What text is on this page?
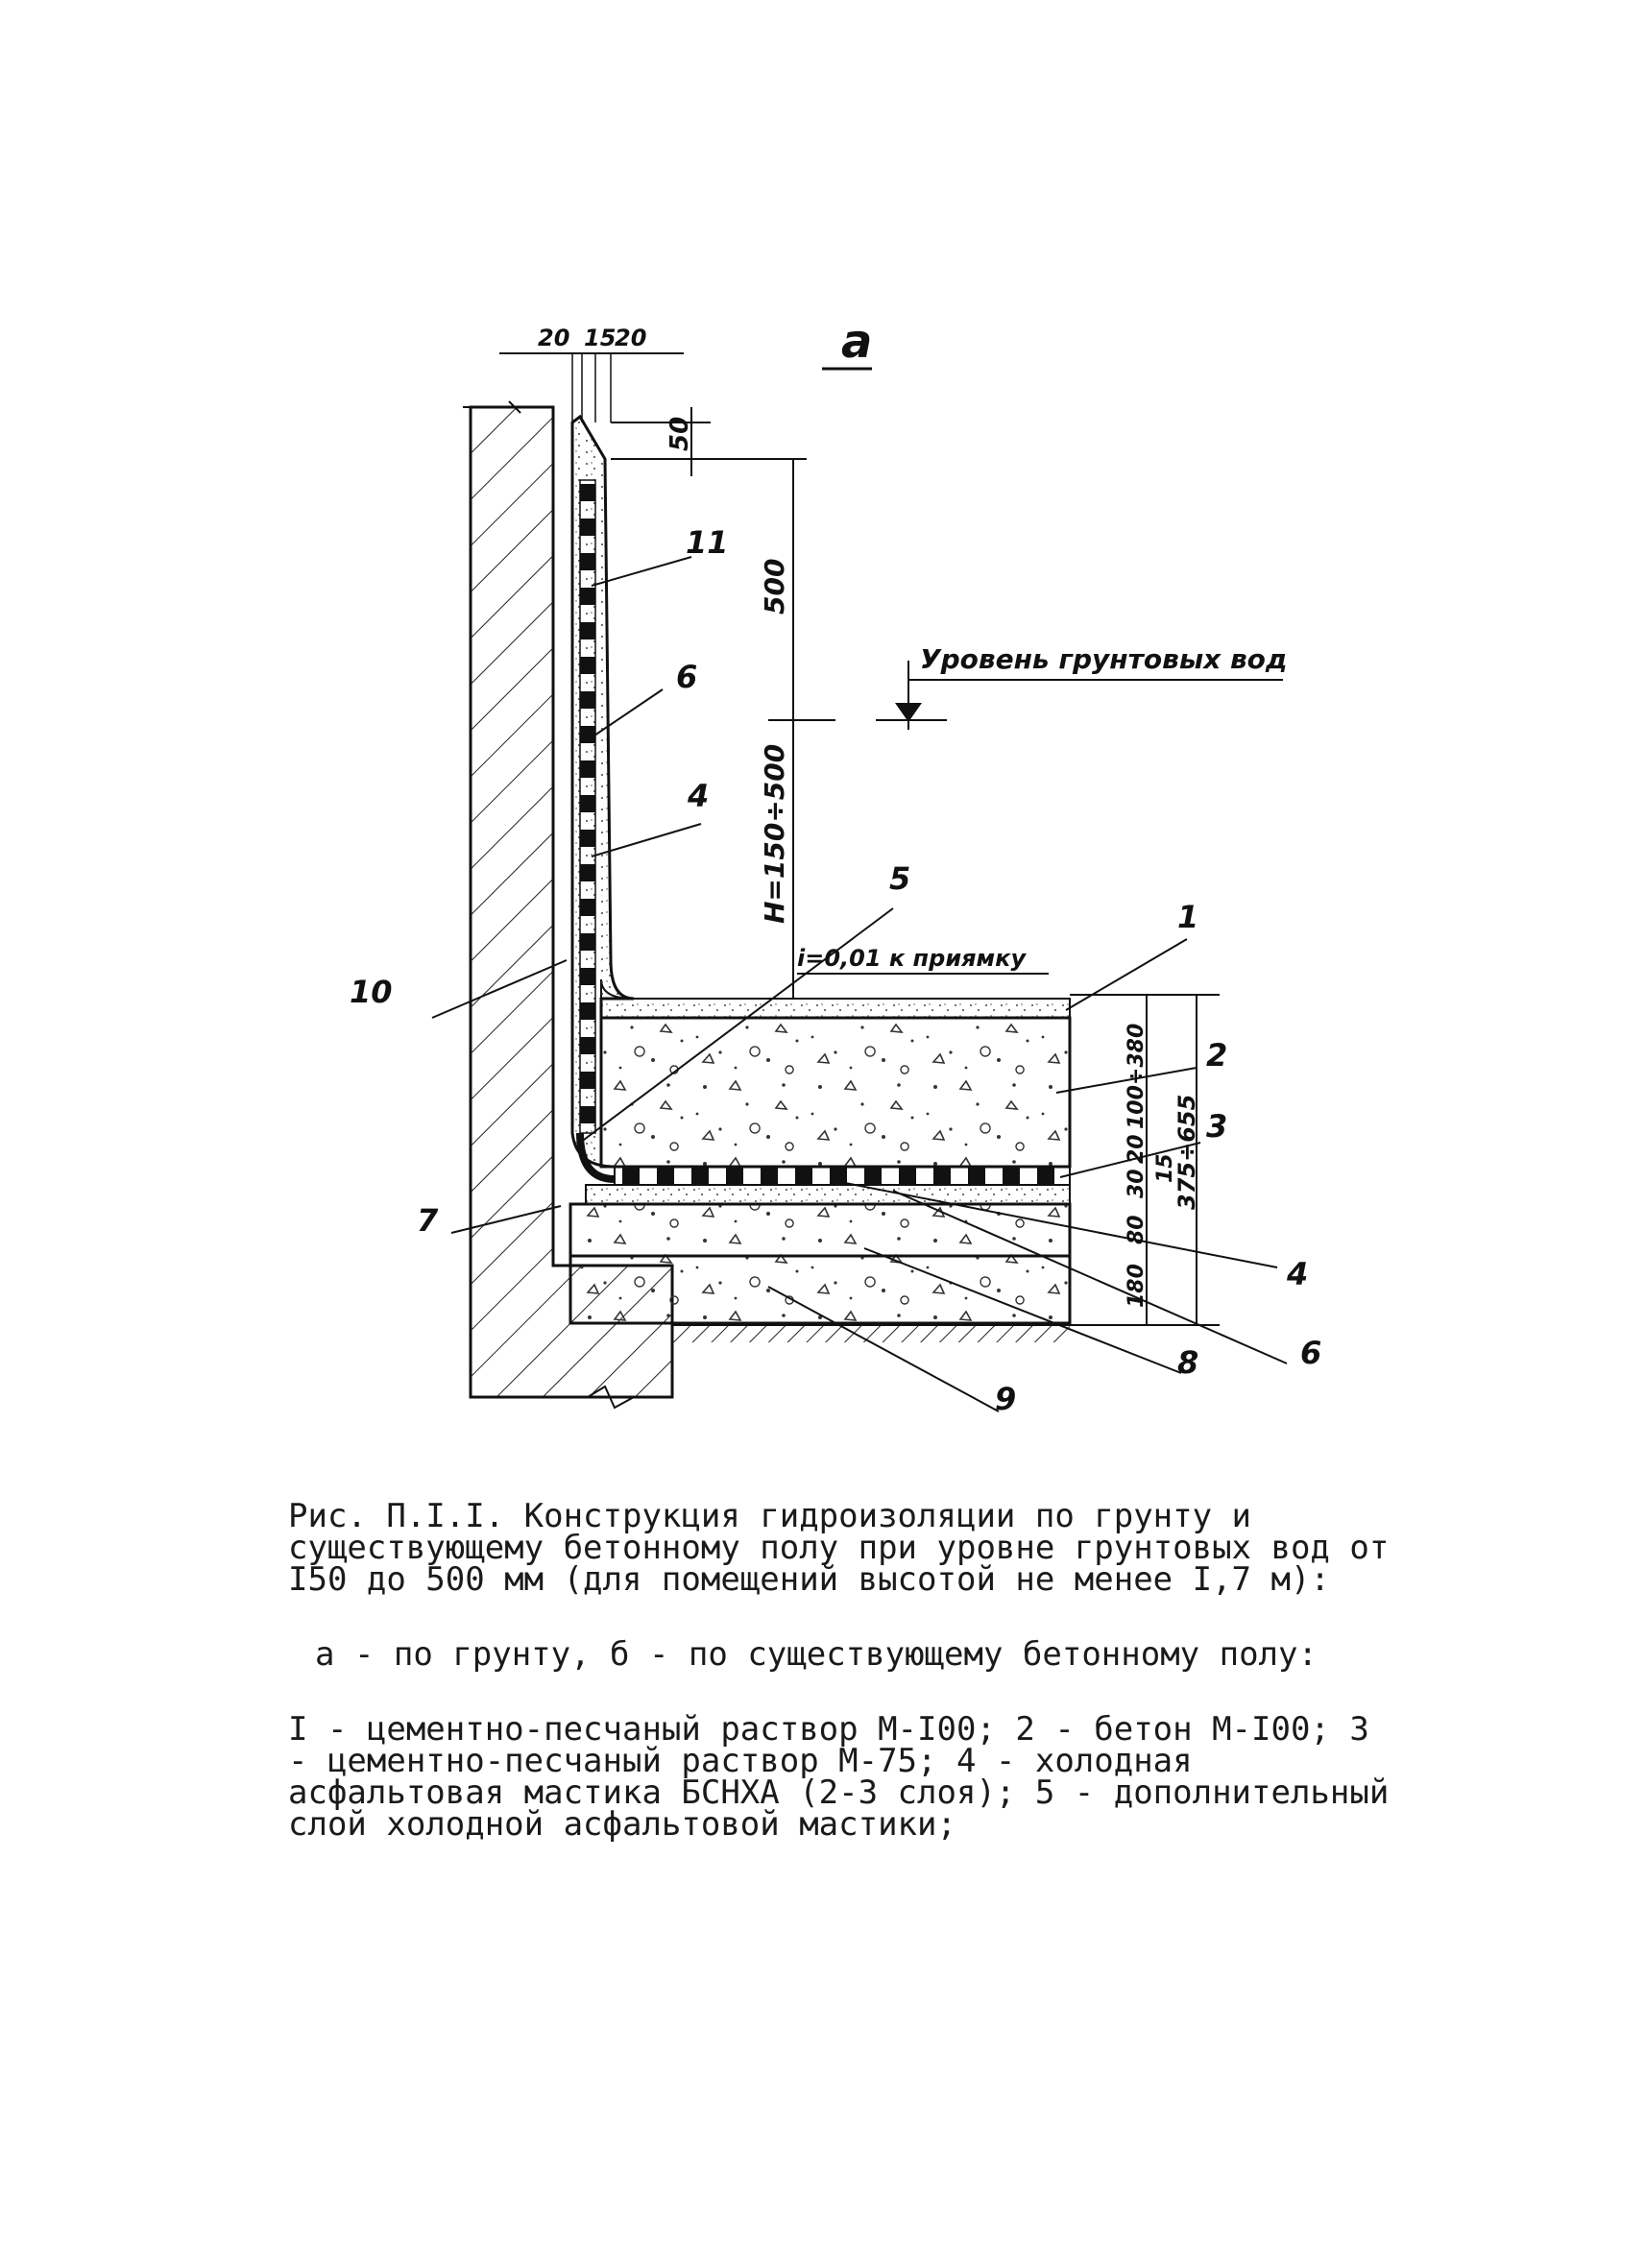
20 15
20	а
50
500
H=150÷500
Уровень грунтовых вод
i=0,01 к приямку
100÷380
20
30
15
80
180
375÷655
1
2
3
4
5
6
7
8
9
10
11
4
6

Рис. П.I.I. Конструкция гидроизоляции по грунту и существующему бетонному полу при уровне грунтовых вод от I50 до 500 мм (для помещений высотой не менее I,7 м):

а - по грунту, б - по существующему бетонному полу:

I - цементно-песчаный раствор М-I00; 2 - бетон М-I00; 3 - цементно-песчаный раствор М-75; 4 - холодная асфальтовая мастика БСНХА (2-3 слоя); 5 - дополнительный слой холодной асфальтовой мастики;
